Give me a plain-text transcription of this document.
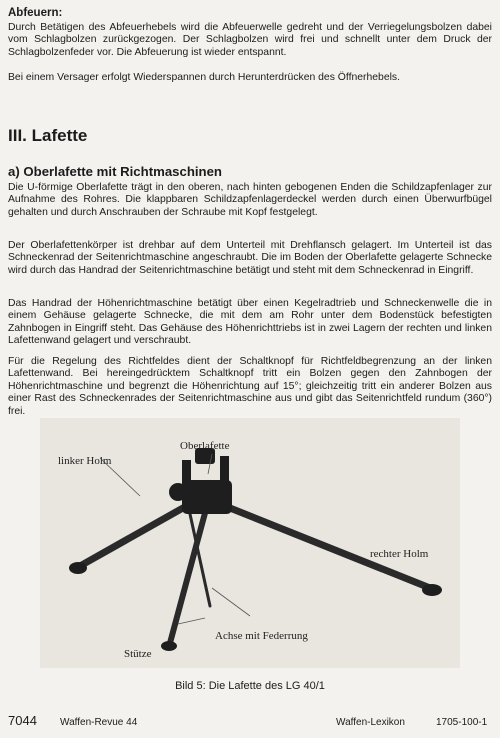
Abfeuern:

Durch Betätigen des Abfeuerhebels wird die Abfeuerwelle gedreht und der Verriegelungsbolzen dabei vom Schlagbolzen zurückgezogen. Der Schlagbolzen wird frei und schnellt unter dem Druck der Schlagbolzenfeder vor. Die Abfeuerung ist wieder entspannt.

Bei einem Versager erfolgt Wiederspannen durch Herunterdrücken des Öffnerhebels.

III. Lafette
a) Oberlafette mit Richtmaschinen

Die U-förmige Oberlafette trägt in den oberen, nach hinten gebogenen Enden die Schildzapfenlager zur Aufnahme des Rohres. Die klappbaren Schildzapfenlagerdeckel werden durch einen Überwurfbügel gehalten und durch Anschrauben der Schraube mit Kopf festgelegt.

Der Oberlafettenkörper ist drehbar auf dem Unterteil mit Drehflansch gelagert. Im Unterteil ist das Schneckenrad der Seitenrichtmaschine angeschraubt. Die im Boden der Oberlafette gelagerte Schnecke wird durch das Handrad der Seitenrichtmaschine betätigt und steht mit dem Schneckenrad in Eingriff.

Das Handrad der Höhenrichtmaschine betätigt über einen Kegelradtrieb und Schneckenwelle die in einem Gehäuse gelagerte Schnecke, die mit dem am Rohr unter dem Bodenstück befestigten Zahnbogen in Eingriff steht. Das Gehäuse des Höhenrichttriebs ist in zwei Lagern der rechten und linken Lafettenwand gelagert und verschraubt.

Für die Regelung des Richtfeldes dient der Schaltknopf für Richtfeldbegrenzung an der linken Lafettenwand. Bei hereingedrücktem Schaltknopf tritt ein Bolzen gegen den Zahnbogen der Höhenrichtmaschine und begrenzt die Höhenrichtung auf 15°; gleichzeitig tritt ein anderer Bolzen aus einer Rast des Schneckenrades der Seitenrichtmaschine aus und gibt das Seitenrichtfeld rundum (360°) frei.

linker Holm
Oberlafette
rechter Holm
Stütze
Achse mit Federrung
Bild 5: Die Lafette des LG 40/1
7044 Waffen-Revue 44	Waffen-Lexikon	1705-100-1
